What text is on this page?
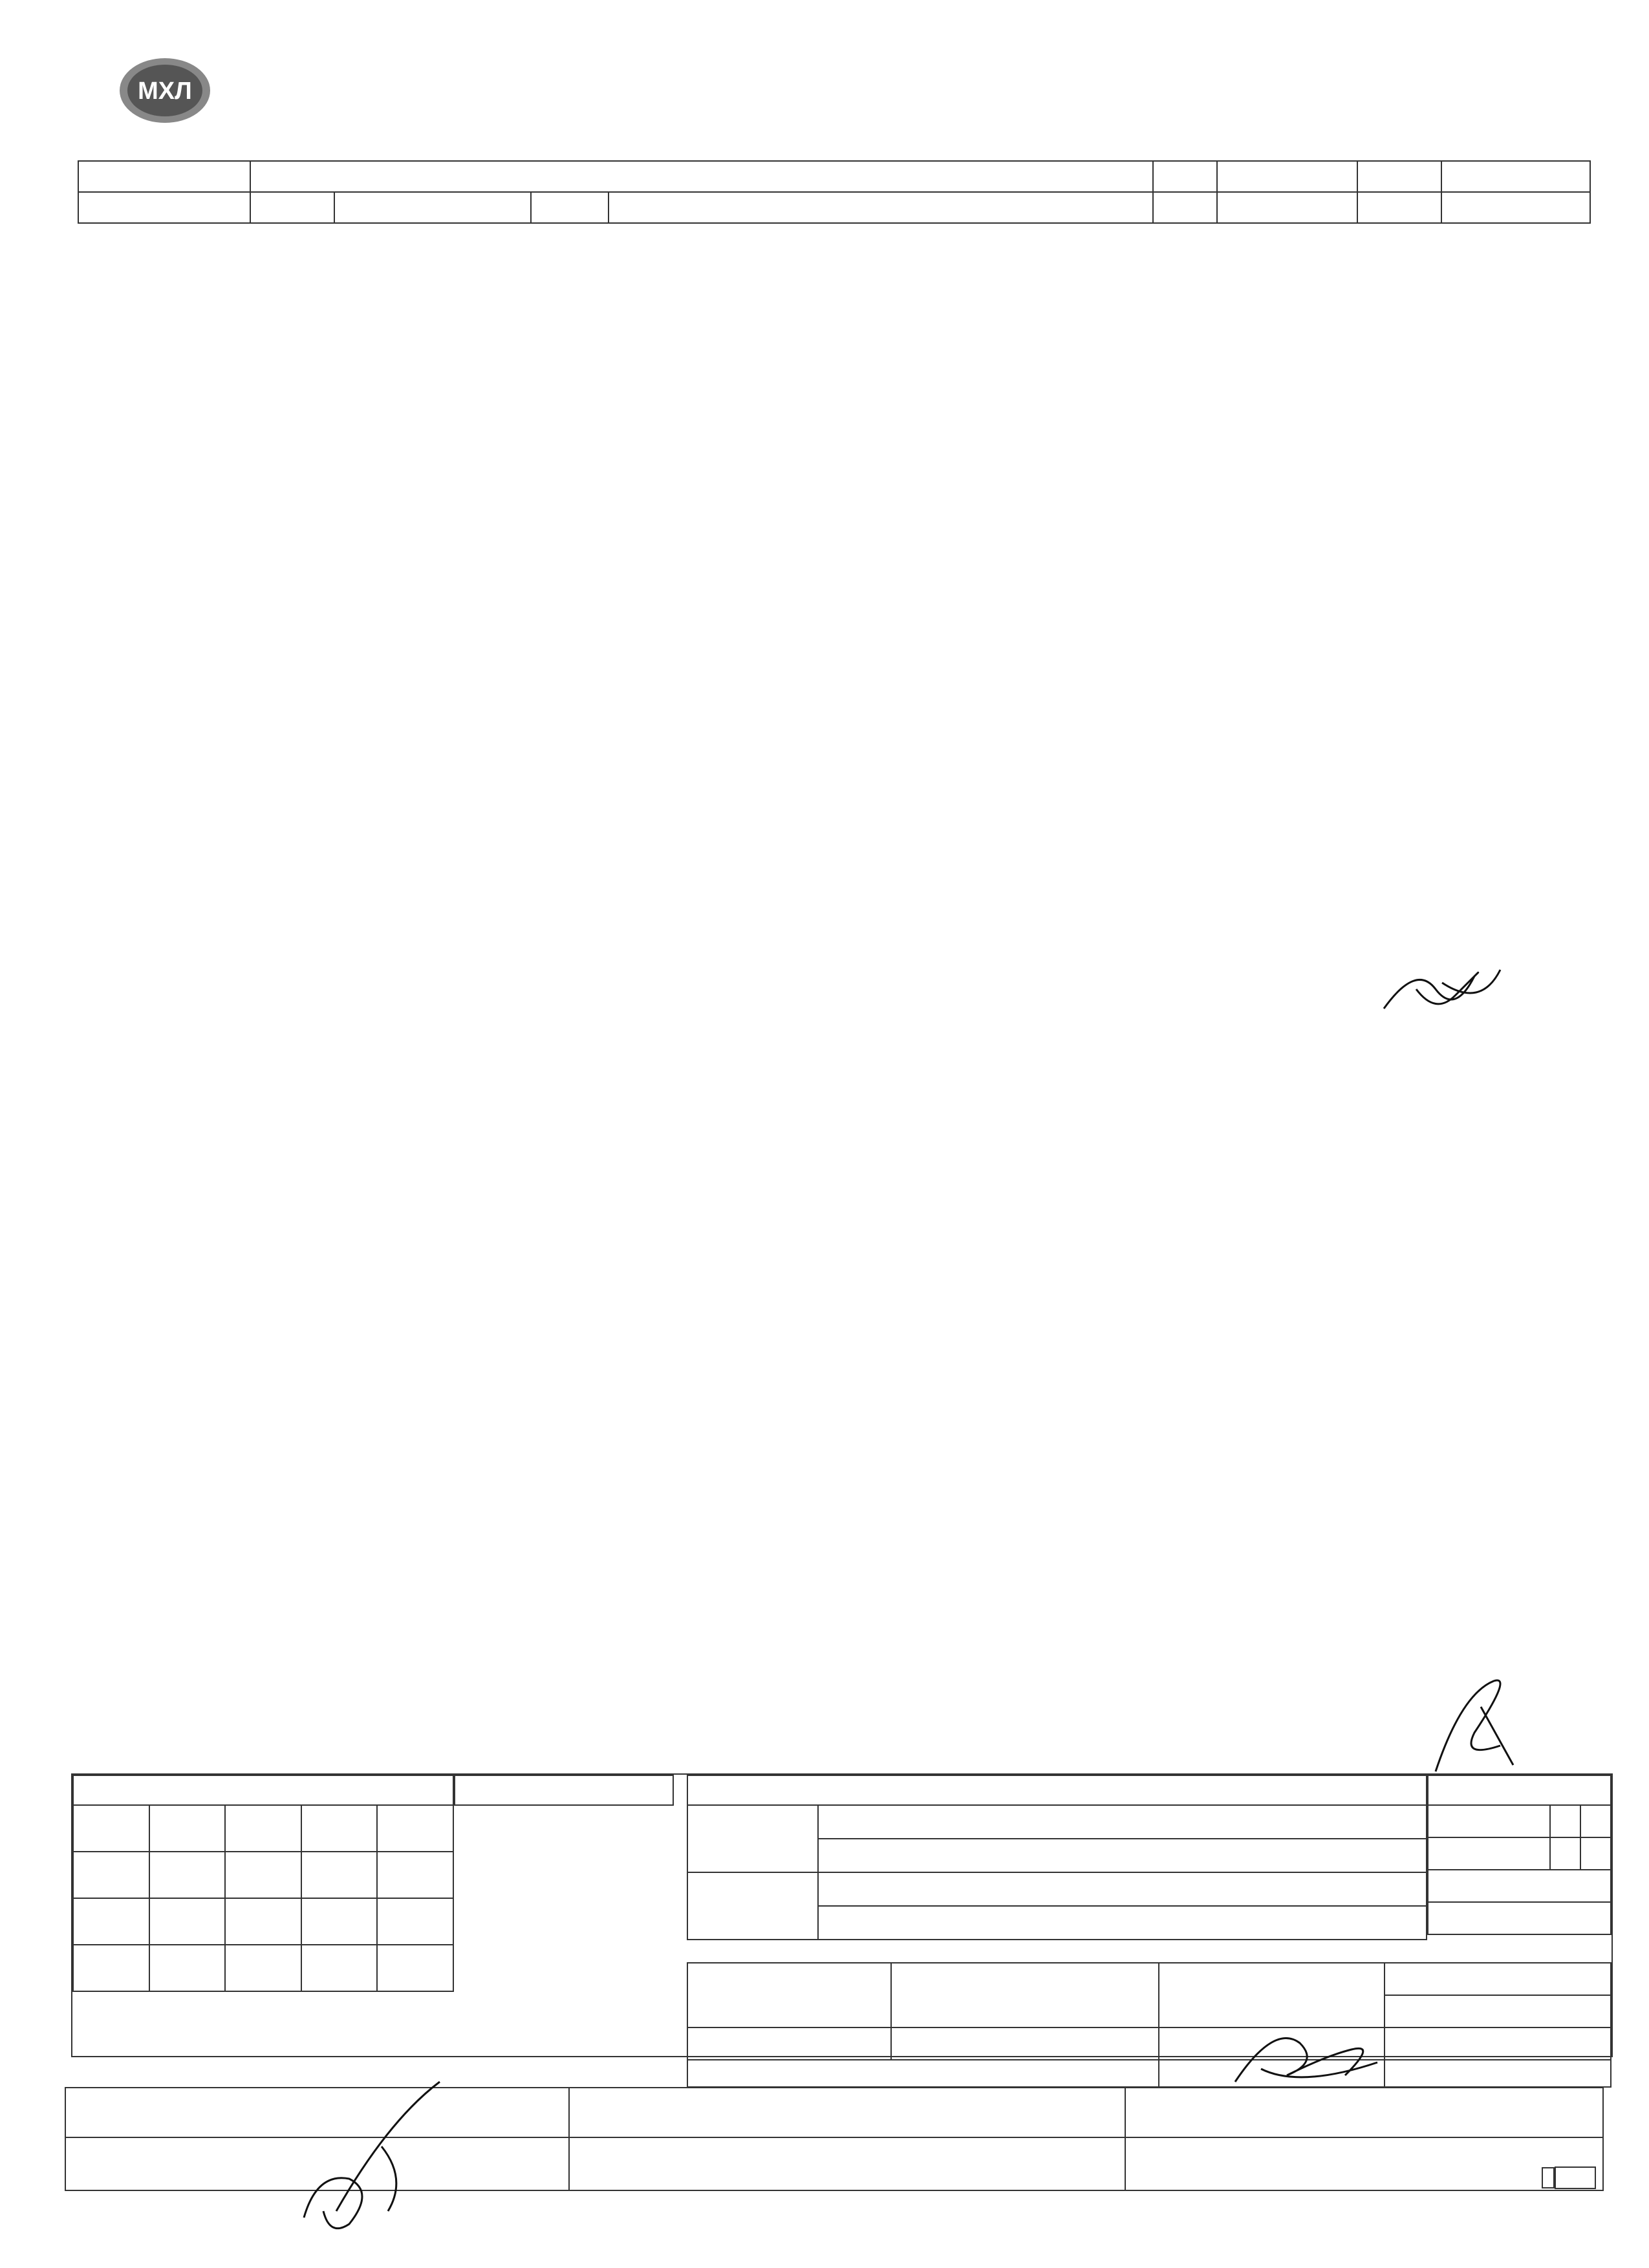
МХЛ
